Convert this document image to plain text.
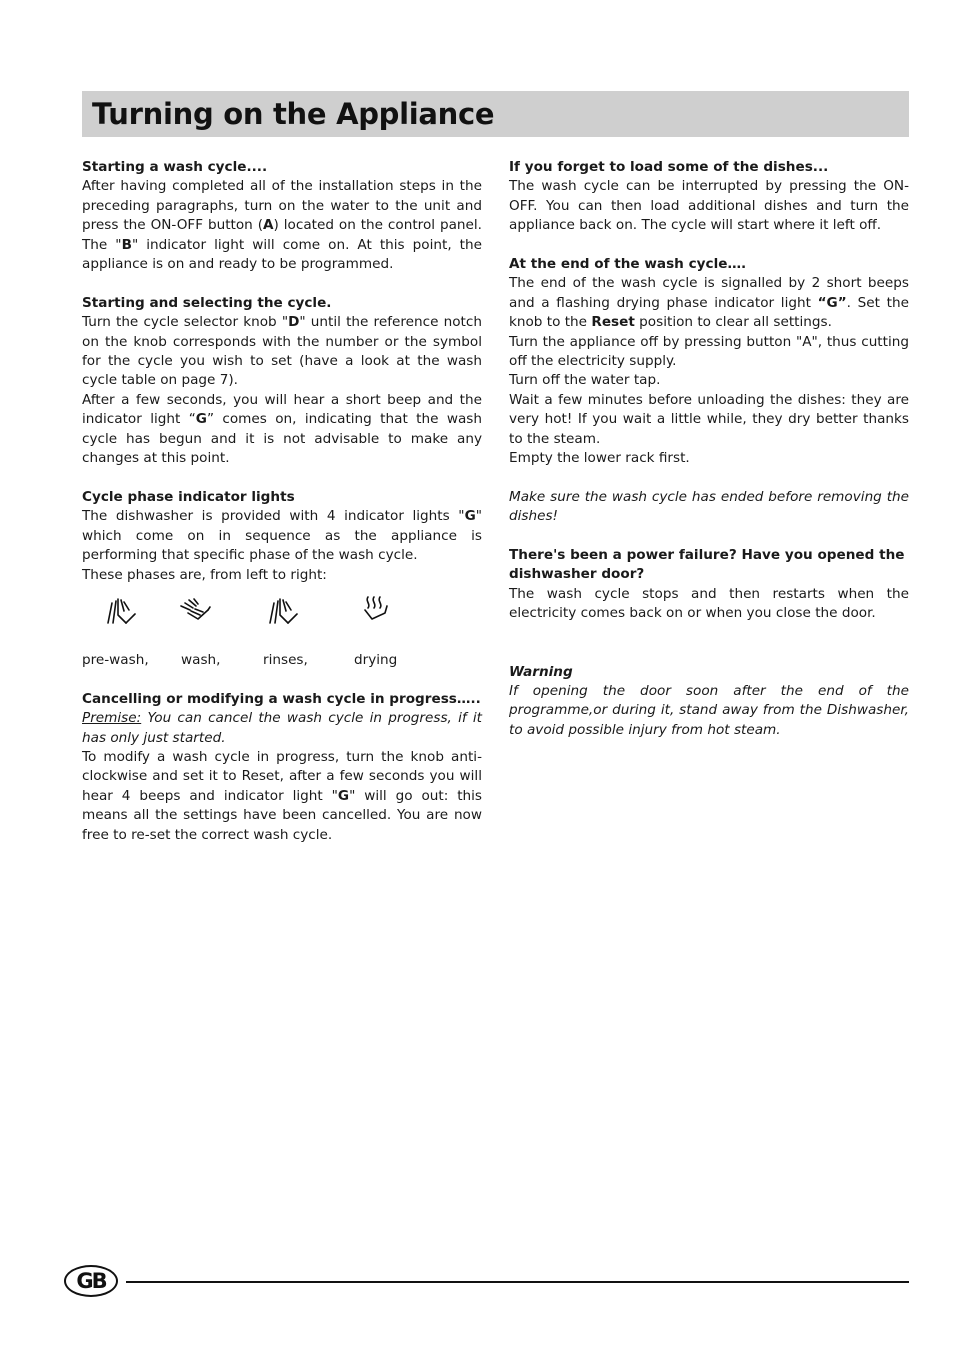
Turning on the Appliance
Starting a wash cycle....

After having completed all of the installation steps in the preceding paragraphs, turn on the water to the unit and press the ON-OFF button (A) located on the control panel. The "B" indicator light will come on. At this point, the appliance is on and ready to be programmed.

Starting and selecting the cycle.

Turn the cycle selector knob "D" until the reference notch on the knob corresponds with the number or the symbol for the cycle you wish to set (have a look at the wash cycle table on page 7).

After a few seconds, you will hear a short beep and the indicator light “G” comes on, indicating that the wash cycle has begun and it is not advisable to make any changes at this point.

Cycle phase indicator lights

The dishwasher is provided with 4 indicator lights "G" which come on in sequence as the appliance is performing that specific phase of the wash cycle.

These phases are, from left to right:

pre-wash, wash,	rinses,	drying
Cancelling or modifying a wash cycle in progress…..

Premise: You can cancel the wash cycle in progress, if it has only just started.

To modify a wash cycle in progress, turn the knob anti-clockwise and set it to Reset, after a few seconds you will hear 4 beeps and indicator light "G" will go out: this means all the settings have been cancelled. You are now free to re-set the correct wash cycle.

If you forget to load some of the dishes...

The wash cycle can be interrupted by pressing the ON-OFF. You can then load additional dishes and turn the appliance back on. The cycle will start where it left off.

At the end of the wash cycle….

The end of the wash cycle is signalled by 2 short beeps and a flashing drying phase indicator light “G”. Set the knob to the Reset position to clear all settings.

Turn the appliance off by pressing button "A", thus cutting off the electricity supply.

Turn off the water tap.

Wait a few minutes before unloading the dishes: they are very hot! If you wait a little while, they dry better thanks to the steam.

Empty the lower rack first.

Make sure the wash cycle has ended before removing the dishes!

There's been a power failure? Have you opened the dishwasher door?

The wash cycle stops and then restarts when the electricity comes back on or when you close the door.

Warning

If opening the door soon after the end of the programme,or during it, stand away from the Dishwasher, to avoid possible injury from hot steam.

GB
